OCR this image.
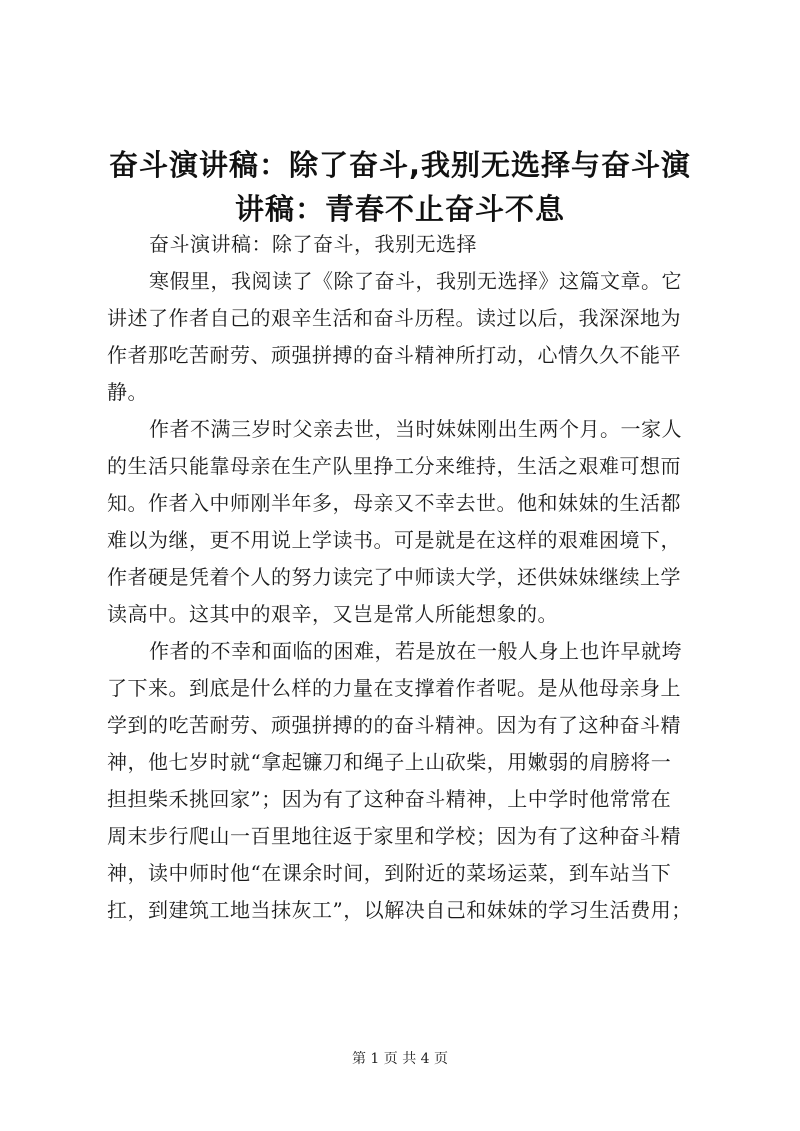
奋斗演讲稿：除了奋斗,我别无选择与奋斗演
讲稿：青春不止奋斗不息
奋斗演讲稿：除了奋斗，我别无选择
寒假里，我阅读了《除了奋斗，我别无选择》这篇文章。它
讲述了作者自己的艰辛生活和奋斗历程。读过以后，我深深地为
作者那吃苦耐劳、顽强拼搏的奋斗精神所打动，心情久久不能平
静。
作者不满三岁时父亲去世，当时妹妹刚出生两个月。一家人
的生活只能靠母亲在生产队里挣工分来维持，生活之艰难可想而
知。作者入中师刚半年多，母亲又不幸去世。他和妹妹的生活都
难以为继，更不用说上学读书。可是就是在这样的艰难困境下，
作者硬是凭着个人的努力读完了中师读大学，还供妹妹继续上学
读高中。这其中的艰辛，又岂是常人所能想象的。
作者的不幸和面临的困难，若是放在一般人身上也许早就垮
了下来。到底是什么样的力量在支撑着作者呢。是从他母亲身上
学到的吃苦耐劳、顽强拼搏的的奋斗精神。因为有了这种奋斗精
神，他七岁时就“拿起镰刀和绳子上山砍柴，用嫩弱的肩膀将一
担担柴禾挑回家”；因为有了这种奋斗精神，上中学时他常常在
周末步行爬山一百里地往返于家里和学校；因为有了这种奋斗精
神，读中师时他“在课余时间，到附近的菜场运菜，到车站当下
扛，到建筑工地当抹灰工”，以解决自己和妹妹的学习生活费用；
第 1 页 共 4 页
